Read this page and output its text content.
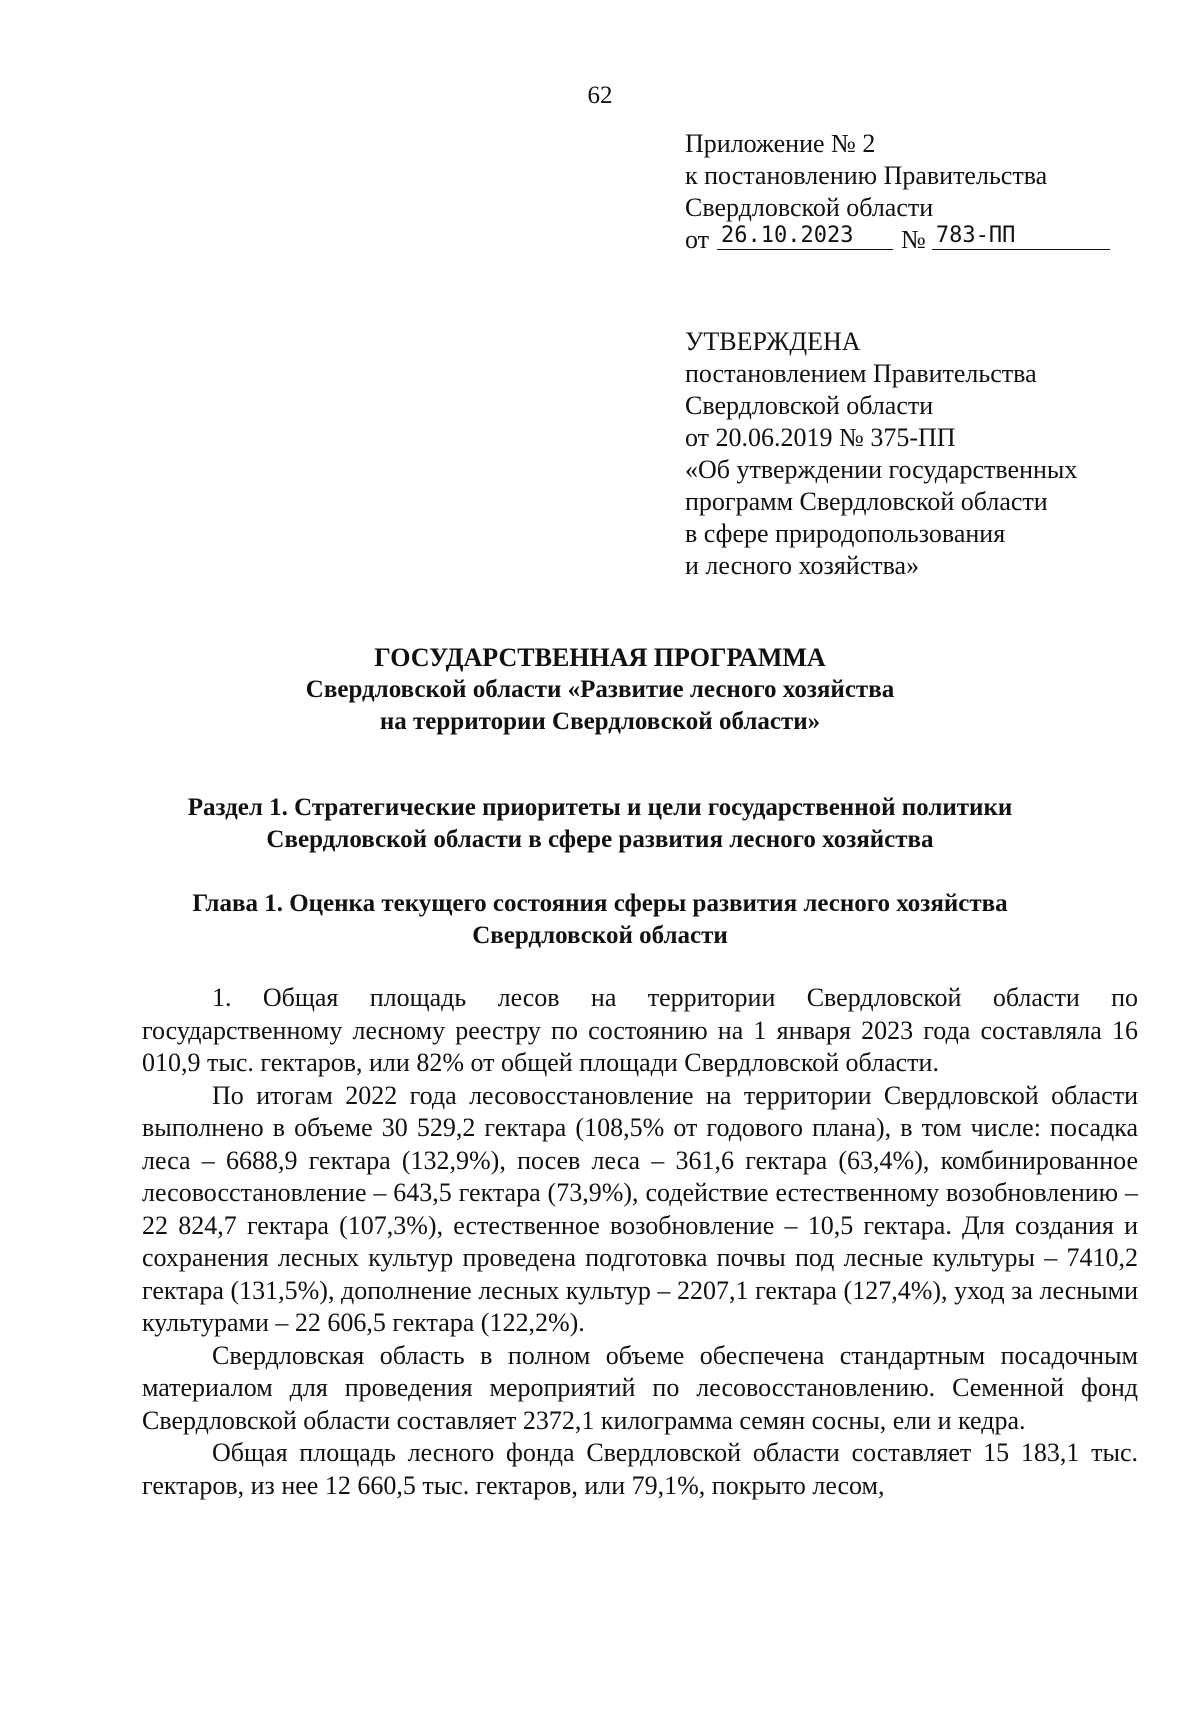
62
Приложение № 2
к постановлению Правительства
Свердловской области
от 26.10.2023	№ 783-ПП
УТВЕРЖДЕНА
постановлением Правительства
Свердловской области
от 20.06.2019 № 375-ПП
«Об утверждении государственных
программ Свердловской области
в сфере природопользования
и лесного хозяйства»
ГОСУДАРСТВЕННАЯ ПРОГРАММА
Свердловской области «Развитие лесного хозяйства
на территории Свердловской области»
Раздел 1. Стратегические приоритеты и цели государственной политики
Свердловской области в сфере развития лесного хозяйства
Глава 1. Оценка текущего состояния сферы развития лесного хозяйства
Свердловской области

1. Общая площадь лесов на территории Свердловской области по государственному лесному реестру по состоянию на 1 января 2023 года составляла 16 010,9 тыс. гектаров, или 82% от общей площади Свердловской области.

По итогам 2022 года лесовосстановление на территории Свердловской области выполнено в объеме 30 529,2 гектара (108,5% от годового плана), в том числе: посадка леса – 6688,9 гектара (132,9%), посев леса – 361,6 гектара (63,4%), комбинированное лесовосстановление – 643,5 гектара (73,9%), содействие естественному возобновлению – 22 824,7 гектара (107,3%), естественное возобновление – 10,5 гектара. Для создания и сохранения лесных культур проведена подготовка почвы под лесные культуры – 7410,2 гектара (131,5%), дополнение лесных культур – 2207,1 гектара (127,4%), уход за лесными культурами – 22 606,5 гектара (122,2%).

Свердловская область в полном объеме обеспечена стандартным посадочным материалом для проведения мероприятий по лесовосстановлению. Семенной фонд Свердловской области составляет 2372,1 килограмма семян сосны, ели и кедра.

Общая площадь лесного фонда Свердловской области составляет 15 183,1 тыс. гектаров, из нее 12 660,5 тыс. гектаров, или 79,1%, покрыто лесом,
